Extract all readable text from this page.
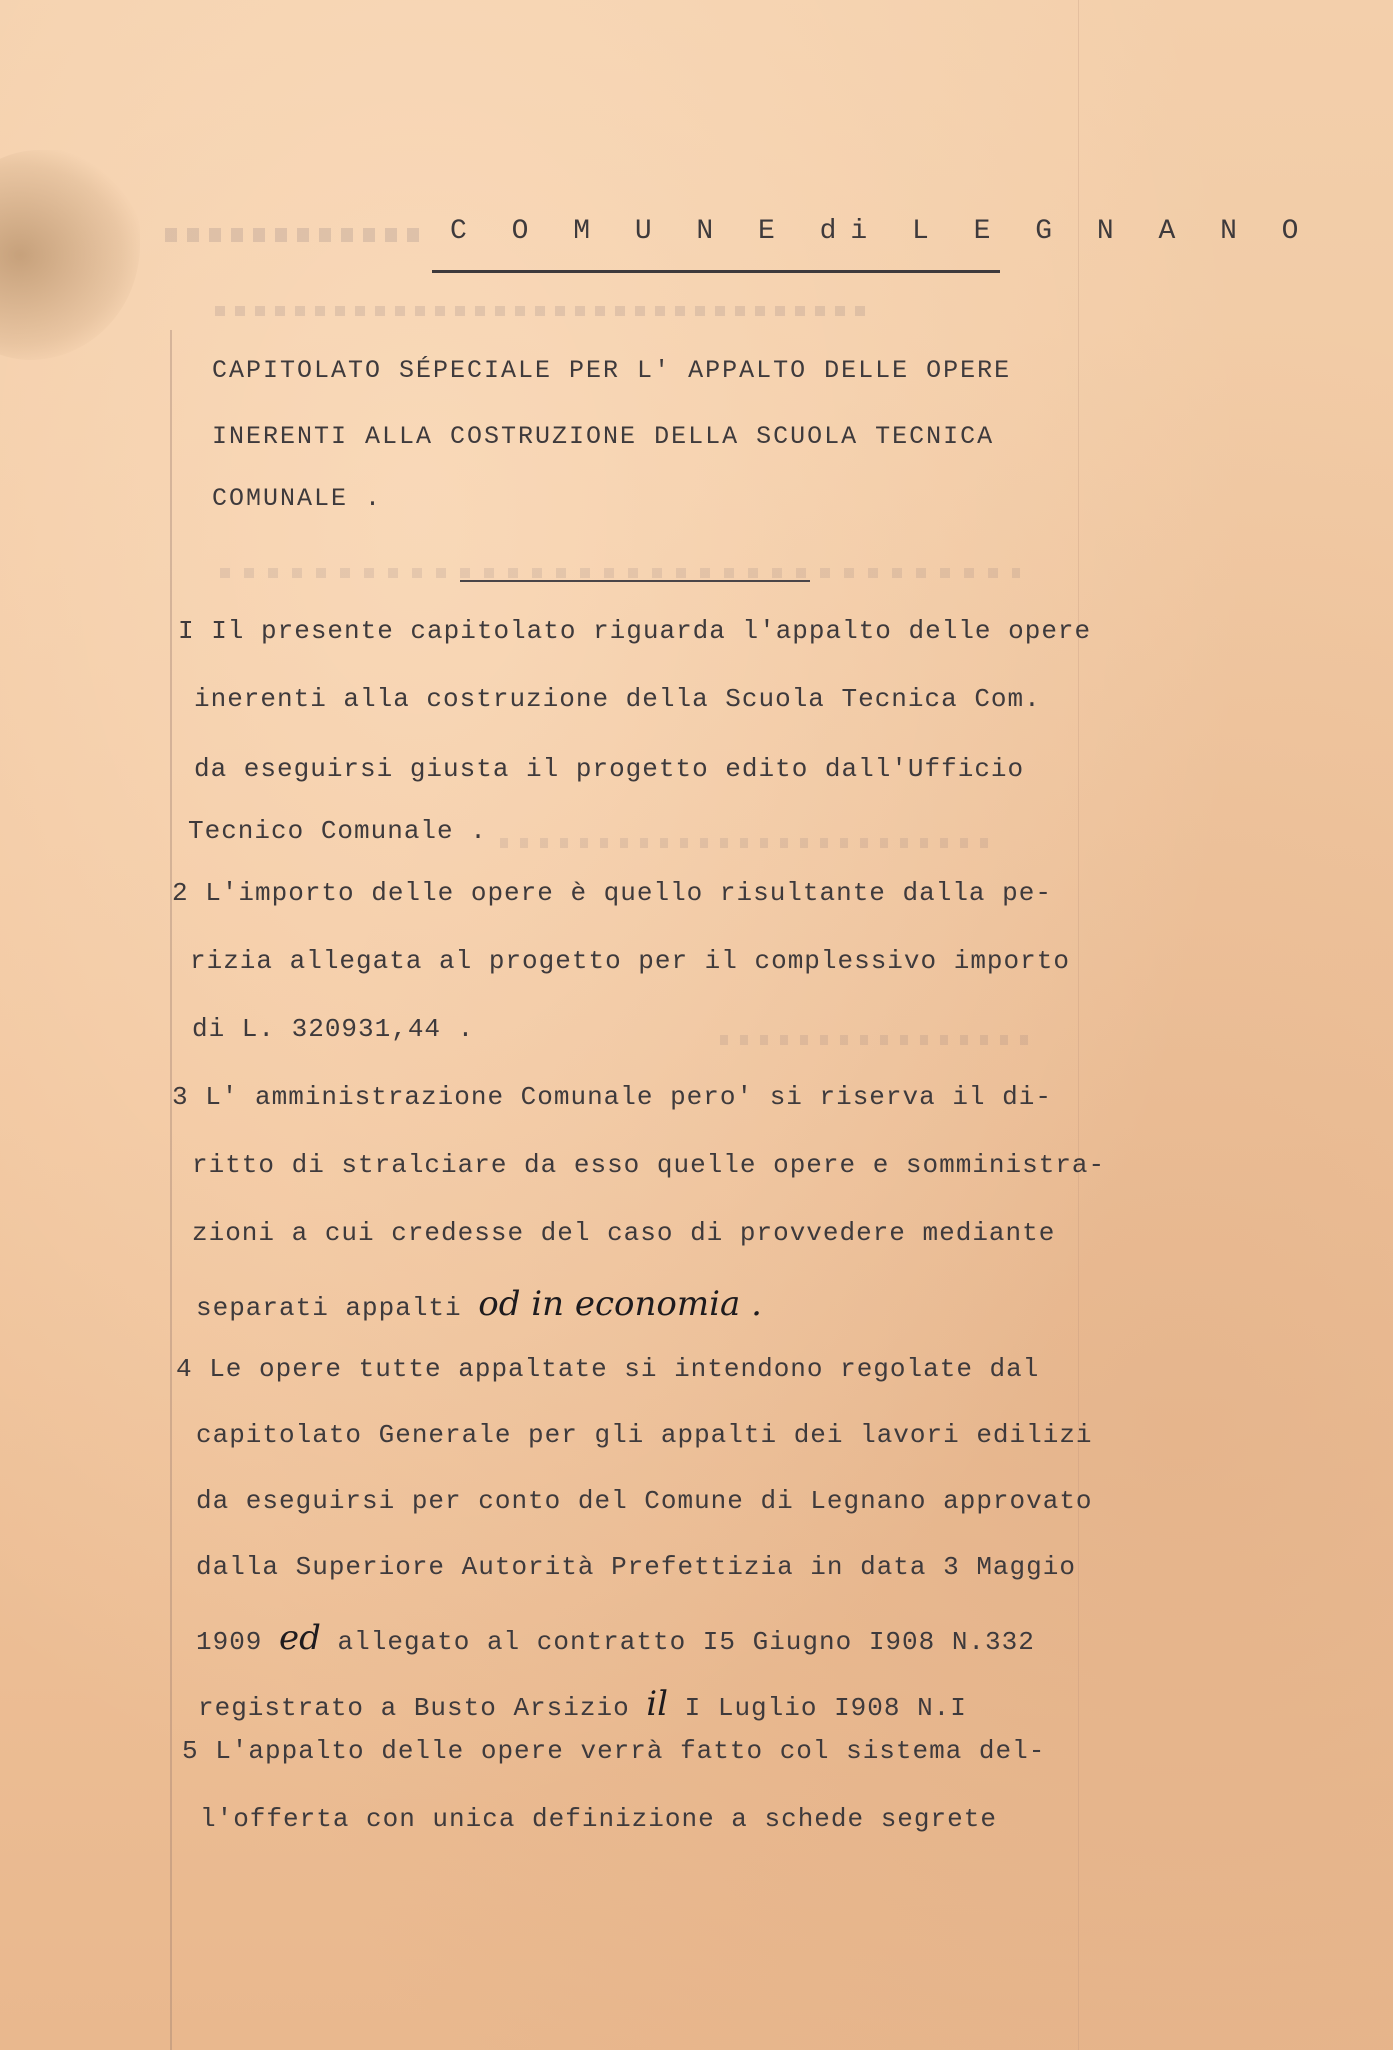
C O M U N E di L E G N A N O
CAPITOLATO SÉPECIALE PER L' APPALTO DELLE OPERE
INERENTI ALLA COSTRUZIONE DELLA SCUOLA TECNICA
COMUNALE .
I Il presente capitolato riguarda l'appalto delle opere
inerenti alla costruzione della Scuola Tecnica Com.
da eseguirsi giusta il progetto edito dall'Ufficio
Tecnico Comunale .
2 L'importo delle opere è quello risultante dalla pe-
rizia allegata al progetto per il complessivo importo
di L. 320931,44 .
3 L' amministrazione Comunale pero' si riserva il di-
ritto di stralciare da esso quelle opere e somministra-
zioni a cui credesse del caso di provvedere mediante
separati appalti od in economia .
4 Le opere tutte appaltate si intendono regolate dal
capitolato Generale per gli appalti dei lavori edilizi
da eseguirsi per conto del Comune di Legnano approvato
dalla Superiore Autorità Prefettizia in data 3 Maggio
1909 ed allegato al contratto I5 Giugno I908 N.332
registrato a Busto Arsizio il I Luglio I908 N.I
5 L'appalto delle opere verrà fatto col sistema del-
l'offerta con unica definizione a schede segrete
